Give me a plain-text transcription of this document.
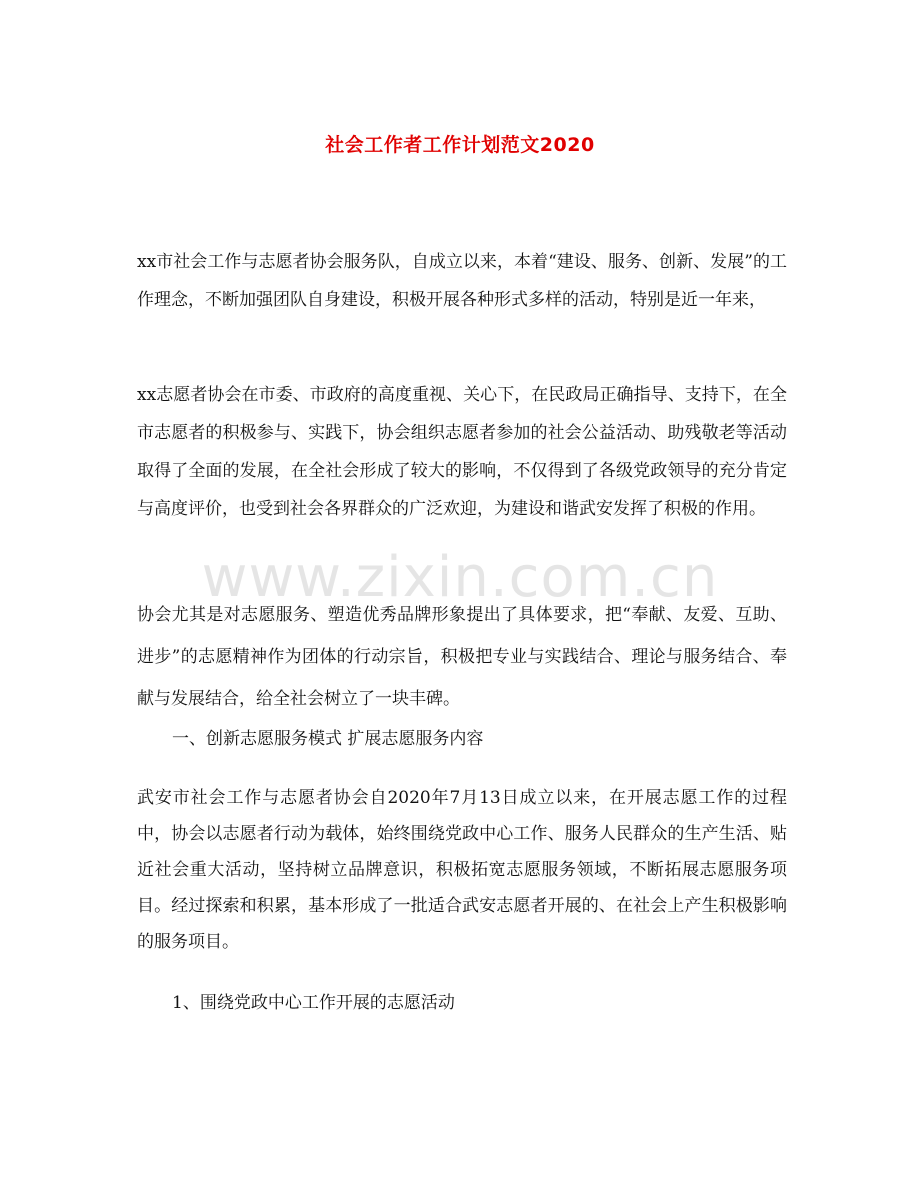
社会工作者工作计划范文2020

xx市社会工作与志愿者协会服务队，自成立以来，本着“建设、服务、创新、发展”的工作理念，不断加强团队自身建设，积极开展各种形式多样的活动，特别是近一年来，

xx志愿者协会在市委、市政府的高度重视、关心下，在民政局正确指导、支持下，在全市志愿者的积极参与、实践下，协会组织志愿者参加的社会公益活动、助残敬老等活动取得了全面的发展，在全社会形成了较大的影响，不仅得到了各级党政领导的充分肯定与高度评价，也受到社会各界群众的广泛欢迎，为建设和谐武安发挥了积极的作用。

www.zixin.com.cn

协会尤其是对志愿服务、塑造优秀品牌形象提出了具体要求，把“奉献、友爱、互助、进步”的志愿精神作为团体的行动宗旨，积极把专业与实践结合、理论与服务结合、奉献与发展结合，给全社会树立了一块丰碑。

一、创新志愿服务模式 扩展志愿服务内容

武安市社会工作与志愿者协会自2020年7月13日成立以来，在开展志愿工作的过程中，协会以志愿者行动为载体，始终围绕党政中心工作、服务人民群众的生产生活、贴近社会重大活动，坚持树立品牌意识，积极拓宽志愿服务领域，不断拓展志愿服务项目。经过探索和积累，基本形成了一批适合武安志愿者开展的、在社会上产生积极影响的服务项目。

1、围绕党政中心工作开展的志愿活动
